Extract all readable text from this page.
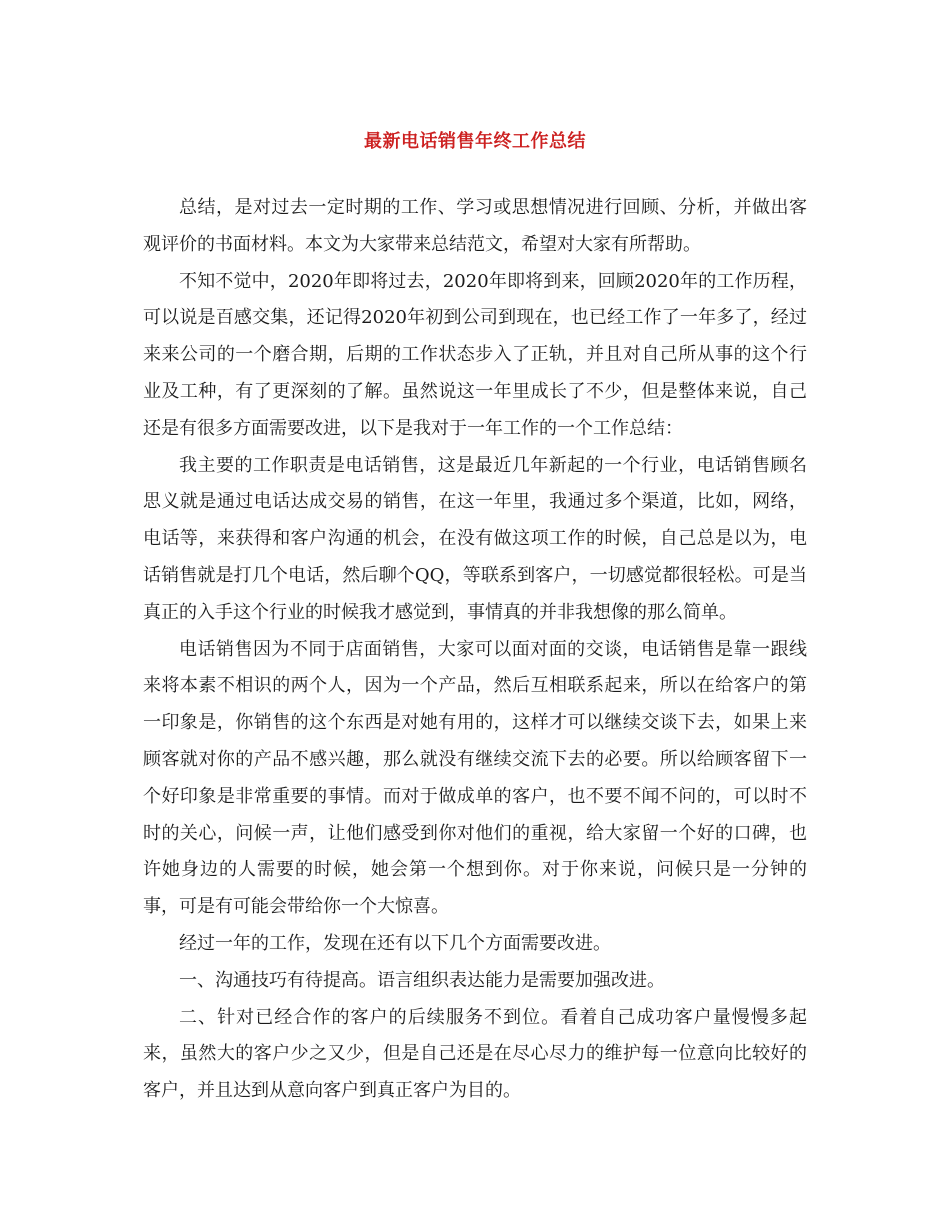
最新电话销售年终工作总结

总结，是对过去一定时期的工作、学习或思想情况进行回顾、分析，并做出客观评价的书面材料。本文为大家带来总结范文，希望对大家有所帮助。

不知不觉中，2020年即将过去，2020年即将到来，回顾2020年的工作历程，可以说是百感交集，还记得2020年初到公司到现在，也已经工作了一年多了，经过来来公司的一个磨合期，后期的工作状态步入了正轨，并且对自己所从事的这个行业及工种，有了更深刻的了解。虽然说这一年里成长了不少，但是整体来说，自己还是有很多方面需要改进，以下是我对于一年工作的一个工作总结：

我主要的工作职责是电话销售，这是最近几年新起的一个行业，电话销售顾名思义就是通过电话达成交易的销售，在这一年里，我通过多个渠道，比如，网络，电话等，来获得和客户沟通的机会，在没有做这项工作的时候，自己总是以为，电话销售就是打几个电话，然后聊个QQ，等联系到客户，一切感觉都很轻松。可是当真正的入手这个行业的时候我才感觉到，事情真的并非我想像的那么简单。

电话销售因为不同于店面销售，大家可以面对面的交谈，电话销售是靠一跟线来将本素不相识的两个人，因为一个产品，然后互相联系起来，所以在给客户的第一印象是，你销售的这个东西是对她有用的，这样才可以继续交谈下去，如果上来顾客就对你的产品不感兴趣，那么就没有继续交流下去的必要。所以给顾客留下一个好印象是非常重要的事情。而对于做成单的客户，也不要不闻不问的，可以时不时的关心，问候一声，让他们感受到你对他们的重视，给大家留一个好的口碑，也许她身边的人需要的时候，她会第一个想到你。对于你来说，问候只是一分钟的事，可是有可能会带给你一个大惊喜。

经过一年的工作，发现在还有以下几个方面需要改进。

一、沟通技巧有待提高。语言组织表达能力是需要加强改进。

二、针对已经合作的客户的后续服务不到位。看着自己成功客户量慢慢多起来，虽然大的客户少之又少，但是自己还是在尽心尽力的维护每一位意向比较好的客户，并且达到从意向客户到真正客户为目的。
